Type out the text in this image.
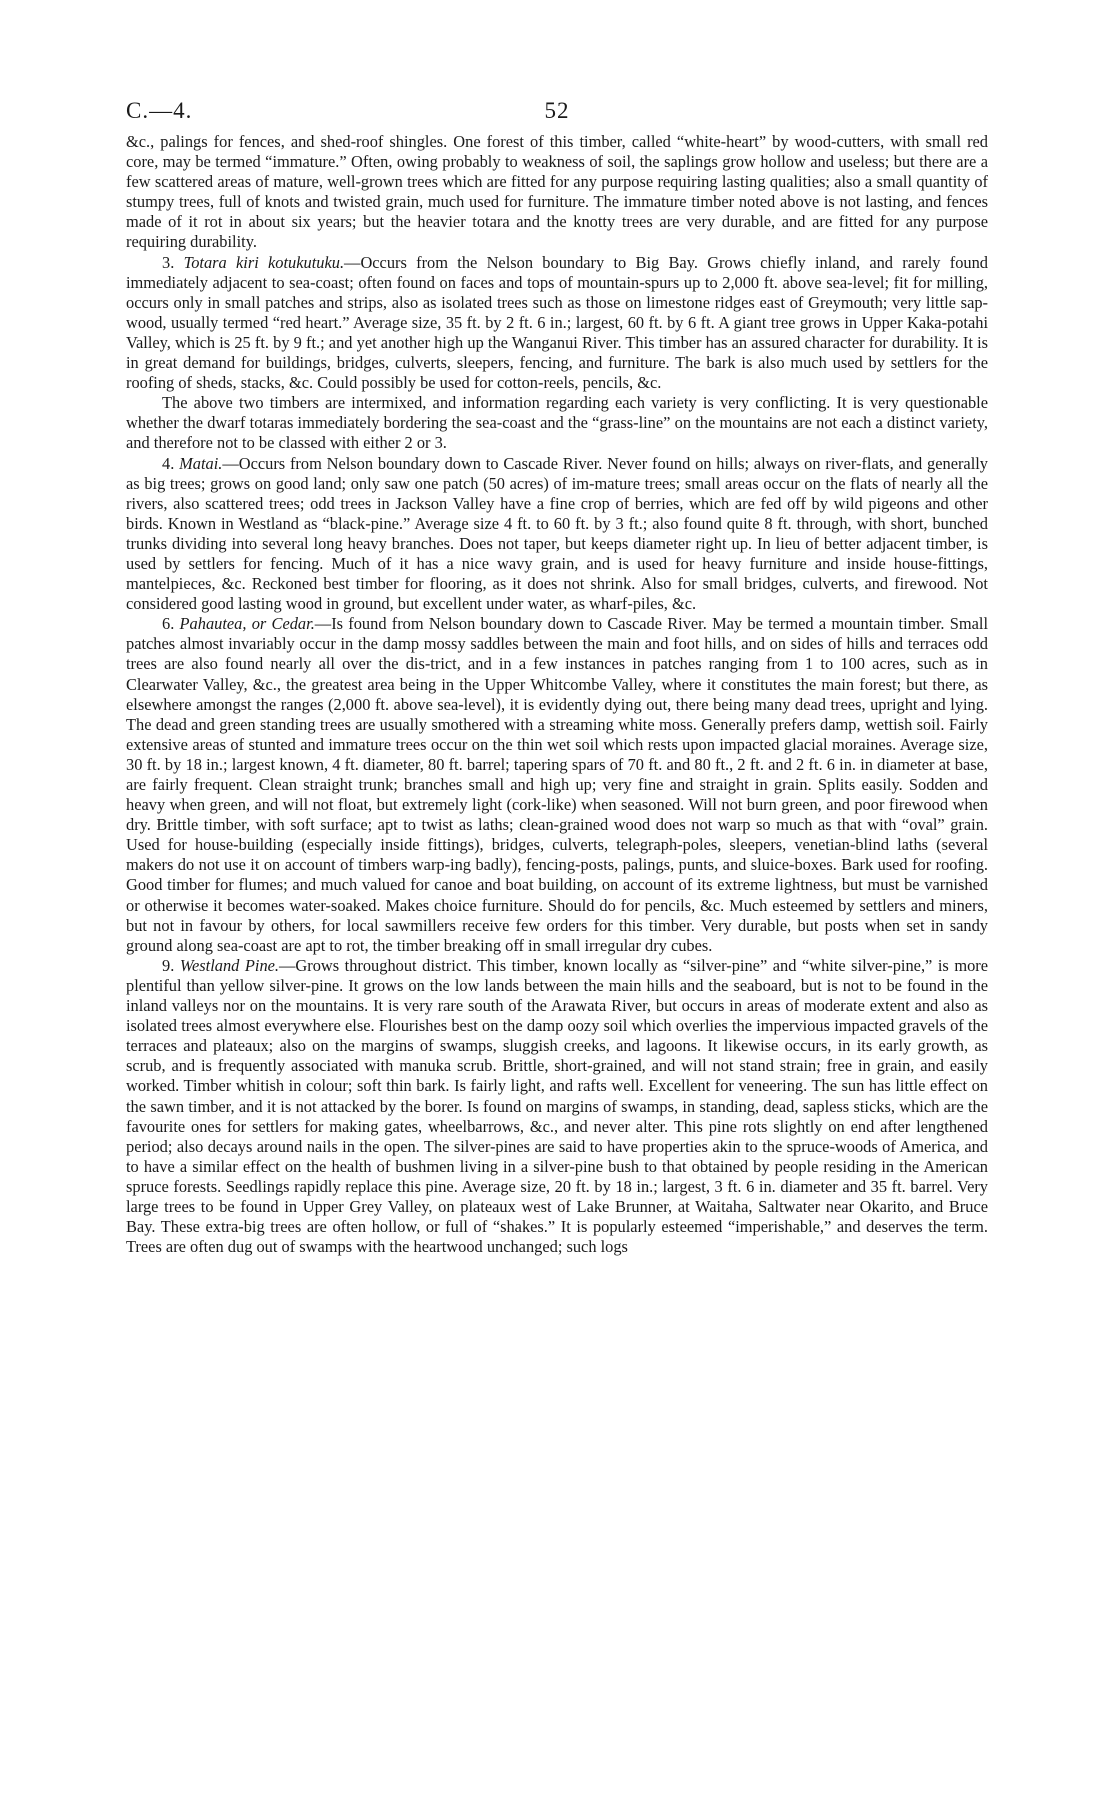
C.—4.	52

&c., palings for fences, and shed-roof shingles. One forest of this timber, called “white-heart” by wood-cutters, with small red core, may be termed “immature.” Often, owing probably to weakness of soil, the saplings grow hollow and useless; but there are a few scattered areas of mature, well-grown trees which are fitted for any purpose requiring lasting qualities; also a small quantity of stumpy trees, full of knots and twisted grain, much used for furniture. The immature timber noted above is not lasting, and fences made of it rot in about six years; but the heavier totara and the knotty trees are very durable, and are fitted for any purpose requiring durability.

3. Totara kiri kotukutuku.—Occurs from the Nelson boundary to Big Bay. Grows chiefly inland, and rarely found immediately adjacent to sea-coast; often found on faces and tops of mountain-spurs up to 2,000 ft. above sea-level; fit for milling, occurs only in small patches and strips, also as isolated trees such as those on limestone ridges east of Greymouth; very little sap-wood, usually termed “red heart.” Average size, 35 ft. by 2 ft. 6 in.; largest, 60 ft. by 6 ft. A giant tree grows in Upper Kaka-potahi Valley, which is 25 ft. by 9 ft.; and yet another high up the Wanganui River. This timber has an assured character for durability. It is in great demand for buildings, bridges, culverts, sleepers, fencing, and furniture. The bark is also much used by settlers for the roofing of sheds, stacks, &c. Could possibly be used for cotton-reels, pencils, &c.

The above two timbers are intermixed, and information regarding each variety is very conflicting. It is very questionable whether the dwarf totaras immediately bordering the sea-coast and the “grass-line” on the mountains are not each a distinct variety, and therefore not to be classed with either 2 or 3.

4. Matai.—Occurs from Nelson boundary down to Cascade River. Never found on hills; always on river-flats, and generally as big trees; grows on good land; only saw one patch (50 acres) of im-mature trees; small areas occur on the flats of nearly all the rivers, also scattered trees; odd trees in Jackson Valley have a fine crop of berries, which are fed off by wild pigeons and other birds. Known in Westland as “black-pine.” Average size 4 ft. to 60 ft. by 3 ft.; also found quite 8 ft. through, with short, bunched trunks dividing into several long heavy branches. Does not taper, but keeps diameter right up. In lieu of better adjacent timber, is used by settlers for fencing. Much of it has a nice wavy grain, and is used for heavy furniture and inside house-fittings, mantelpieces, &c. Reckoned best timber for flooring, as it does not shrink. Also for small bridges, culverts, and firewood. Not considered good lasting wood in ground, but excellent under water, as wharf-piles, &c.

6. Pahautea, or Cedar.—Is found from Nelson boundary down to Cascade River. May be termed a mountain timber. Small patches almost invariably occur in the damp mossy saddles between the main and foot hills, and on sides of hills and terraces odd trees are also found nearly all over the dis-trict, and in a few instances in patches ranging from 1 to 100 acres, such as in Clearwater Valley, &c., the greatest area being in the Upper Whitcombe Valley, where it constitutes the main forest; but there, as elsewhere amongst the ranges (2,000 ft. above sea-level), it is evidently dying out, there being many dead trees, upright and lying. The dead and green standing trees are usually smothered with a streaming white moss. Generally prefers damp, wettish soil. Fairly extensive areas of stunted and immature trees occur on the thin wet soil which rests upon impacted glacial moraines. Average size, 30 ft. by 18 in.; largest known, 4 ft. diameter, 80 ft. barrel; tapering spars of 70 ft. and 80 ft., 2 ft. and 2 ft. 6 in. in diameter at base, are fairly frequent. Clean straight trunk; branches small and high up; very fine and straight in grain. Splits easily. Sodden and heavy when green, and will not float, but extremely light (cork-like) when seasoned. Will not burn green, and poor firewood when dry. Brittle timber, with soft surface; apt to twist as laths; clean-grained wood does not warp so much as that with “oval” grain. Used for house-building (especially inside fittings), bridges, culverts, telegraph-poles, sleepers, venetian-blind laths (several makers do not use it on account of timbers warp-ing badly), fencing-posts, palings, punts, and sluice-boxes. Bark used for roofing. Good timber for flumes; and much valued for canoe and boat building, on account of its extreme lightness, but must be varnished or otherwise it becomes water-soaked. Makes choice furniture. Should do for pencils, &c. Much esteemed by settlers and miners, but not in favour by others, for local sawmillers receive few orders for this timber. Very durable, but posts when set in sandy ground along sea-coast are apt to rot, the timber breaking off in small irregular dry cubes.

9. Westland Pine.—Grows throughout district. This timber, known locally as “silver-pine” and “white silver-pine,” is more plentiful than yellow silver-pine. It grows on the low lands between the main hills and the seaboard, but is not to be found in the inland valleys nor on the mountains. It is very rare south of the Arawata River, but occurs in areas of moderate extent and also as isolated trees almost everywhere else. Flourishes best on the damp oozy soil which overlies the impervious impacted gravels of the terraces and plateaux; also on the margins of swamps, sluggish creeks, and lagoons. It likewise occurs, in its early growth, as scrub, and is frequently associated with manuka scrub. Brittle, short-grained, and will not stand strain; free in grain, and easily worked. Timber whitish in colour; soft thin bark. Is fairly light, and rafts well. Excellent for veneering. The sun has little effect on the sawn timber, and it is not attacked by the borer. Is found on margins of swamps, in standing, dead, sapless sticks, which are the favourite ones for settlers for making gates, wheelbarrows, &c., and never alter. This pine rots slightly on end after lengthened period; also decays around nails in the open. The silver-pines are said to have properties akin to the spruce-woods of America, and to have a similar effect on the health of bushmen living in a silver-pine bush to that obtained by people residing in the American spruce forests. Seedlings rapidly replace this pine. Average size, 20 ft. by 18 in.; largest, 3 ft. 6 in. diameter and 35 ft. barrel. Very large trees to be found in Upper Grey Valley, on plateaux west of Lake Brunner, at Waitaha, Saltwater near Okarito, and Bruce Bay. These extra-big trees are often hollow, or full of “shakes.” It is popularly esteemed “imperishable,” and deserves the term. Trees are often dug out of swamps with the heartwood unchanged; such logs
